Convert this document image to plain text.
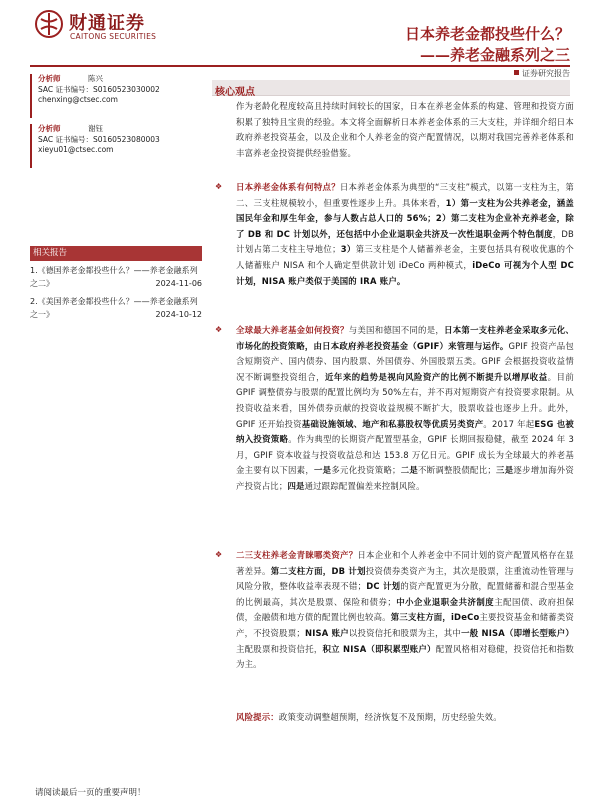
财通证券
CAITONG SECURITIES	日本养老金都投些什么？
——养老金融系列之三
证券研究报告
分析师	陈兴
SAC 证书编号：S0160523030002
chenxing@ctsec.com
分析师	谢钰
SAC 证书编号：S0160523080003
xieyu01@ctsec.com
相关报告
1.《德国养老金都投些什么？——养老金融系列之二》	2024-11-06
2.《美国养老金都投些什么？——养老金融系列之一》	2024-10-12
核心观点
作为老龄化程度较高且持续时间较长的国家，日本在养老金体系的构建、管理和投资方面积累了独特且宝贵的经验。本文将全面解析日本养老金体系的三大支柱，并详细介绍日本政府养老投资基金，以及企业和个人养老金的资产配置情况，以期对我国完善养老体系和丰富养老金投资提供经验借鉴。
❖ 日本养老金体系有何特点？日本养老金体系为典型的“三支柱”模式，以第一支柱为主，第二、三支柱规模较小，但重要性逐步上升。具体来看，1）第一支柱为公共养老金，涵盖国民年金和厚生年金，参与人数占总人口的 56%；2）第二支柱为企业补充养老金，除了 DB 和 DC 计划以外，还包括中小企业退职金共济及一次性退职金两个特色制度，DB 计划占第二支柱主导地位；3）第三支柱是个人储蓄养老金，主要包括具有税收优惠的个人储蓄账户 NISA 和个人确定型供款计划 iDeCo 两种模式，iDeCo 可视为个人型 DC 计划，NISA 账户类似于美国的 IRA 账户。
❖ 全球最大养老基金如何投资？与美国和德国不同的是，日本第一支柱养老金采取多元化、市场化的投资策略，由日本政府养老投资基金（GPIF）来管理与运作。GPIF 投资产品包含短期资产、国内债券、国内股票、外国债券、外国股票五类。GPIF 会根据投资收益情况不断调整投资组合，近年来的趋势是视向风险资产的比例不断提升以增厚收益。目前 GPIF 调整债券与股票的配置比例均为 50%左右，并不再对短期资产有投资要求限制。从投资收益来看，国外债券贡献的投资收益规模不断扩大，股票收益也逐步上升。此外，GPIF 还开始投资基础设施领域、地产和私募股权等优质另类资产。2017 年起ESG 也被纳入投资策略。作为典型的长期资产配置型基金，GPIF 长期回报稳健，截至 2024 年 3 月，GPIF 资本收益与投资收益总和达 153.8 万亿日元。GPIF 成长为全球最大的养老基金主要有以下因素，一是多元化投资策略；二是不断调整股债配比；三是逐步增加海外资产投资占比；四是通过跟踪配置偏差来控制风险。
❖ 二三支柱养老金青睐哪类资产？日本企业和个人养老金中不同计划的资产配置风格存在显著差异。第二支柱方面，DB 计划投资债券类资产为主，其次是股票，注重流动性管理与风险分散，整体收益率表现不错；DC 计划的资产配置更为分散，配置储蓄和混合型基金的比例最高，其次是股票、保险和债券；中小企业退职金共济制度主配国债、政府担保债，金融债和地方债的配置比例也较高。第三支柱方面，iDeCo主要投资基金和储蓄类资产，不投资股票；NISA 账户以投资信托和股票为主，其中一般 NISA（即增长型账户）主配股票和投资信托，积立 NISA（即积累型账户）配置风格相对稳健，投资信托和指数为主。
风险提示：政策变动调整超预期，经济恢复不及预期，历史经验失效。
请阅读最后一页的重要声明！
